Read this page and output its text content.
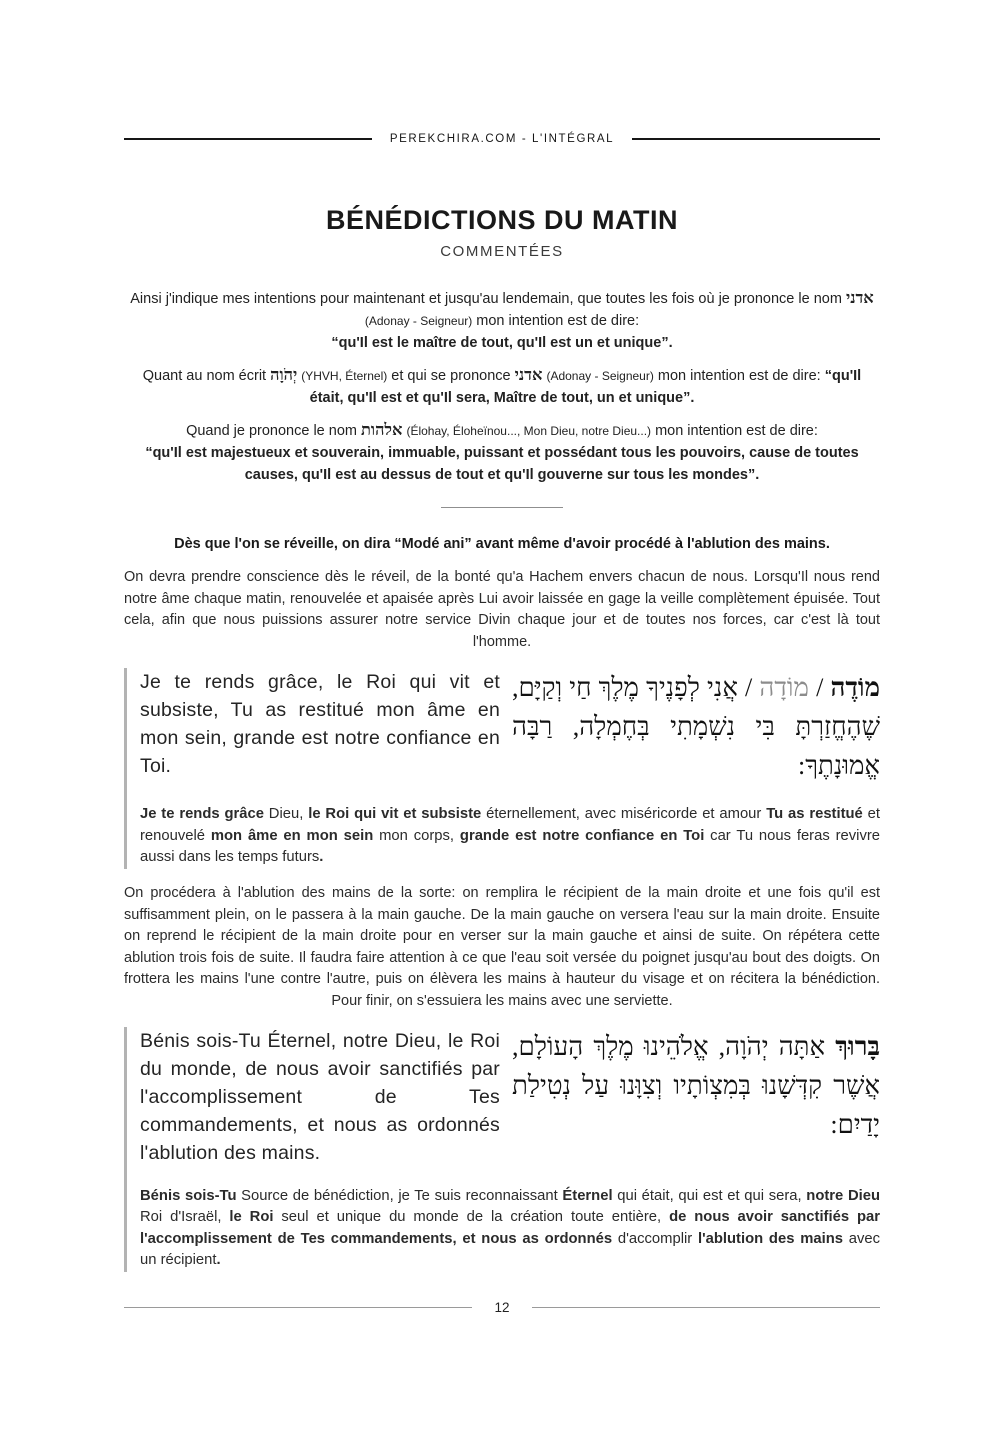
PEREKCHIRA.COM - L'INTÉGRAL
BÉNÉDICTIONS DU MATIN
COMMENTÉES

Ainsi j'indique mes intentions pour maintenant et jusqu'au lendemain, que toutes les fois où je prononce le nom אדני (Adonay - Seigneur) mon intention est de dire:
“qu'Il est le maître de tout, qu'Il est un et unique”.

Quant au nom écrit יְהֹוָה (YHVH, Éternel) et qui se prononce אדני (Adonay - Seigneur) mon intention est de dire: “qu'Il était, qu'Il est et qu'Il sera, Maître de tout, un et unique”.

Quand je prononce le nom אלהות (Élohay, Éloheïnou..., Mon Dieu, notre Dieu...) mon intention est de dire:
“qu'Il est majestueux et souverain, immuable, puissant et possédant tous les pouvoirs, cause de toutes causes, qu'Il est au dessus de tout et qu'Il gouverne sur tous les mondes”.

Dès que l'on se réveille, on dira “Modé ani” avant même d'avoir procédé à l'ablution des mains.

On devra prendre conscience dès le réveil, de la bonté qu'a Hachem envers chacun de nous. Lorsqu'Il nous rend notre âme chaque matin, renouvelée et apaisée après Lui avoir laissée en gage la veille complètement épuisée. Tout cela, afin que nous puissions assurer notre service Divin chaque jour et de toutes nos forces, car c'est là tout l'homme.

Je te rends grâce, le Roi qui vit et subsiste, Tu as restitué mon âme en mon sein, grande est notre confiance en Toi.
מוֹדֶה / מוֹדָה / אֲנִי לְפָנֶיךָ מֶלֶךְ חַי וְקַיָּם, שֶׁהֶחֱזַרְתָּ בִּי נִשְׁמָתִי בְּחֶמְלָה, רַבָּה אֱמוּנָתֶךָ:

Je te rends grâce Dieu, le Roi qui vit et subsiste éternellement, avec miséricorde et amour Tu as restitué et renouvelé mon âme en mon sein mon corps, grande est notre confiance en Toi car Tu nous feras revivre aussi dans les temps futurs.

On procédera à l'ablution des mains de la sorte: on remplira le récipient de la main droite et une fois qu'il est suffisamment plein, on le passera à la main gauche. De la main gauche on versera l'eau sur la main droite. Ensuite on reprend le récipient de la main droite pour en verser sur la main gauche et ainsi de suite. On répétera cette ablution trois fois de suite. Il faudra faire attention à ce que l'eau soit versée du poignet jusqu'au bout des doigts. On frottera les mains l'une contre l'autre, puis on élèvera les mains à hauteur du visage et on récitera la bénédiction. Pour finir, on s'essuiera les mains avec une serviette.

Bénis sois-Tu Éternel, notre Dieu, le Roi du monde, de nous avoir sanctifiés par l'accomplissement de Tes commandements, et nous as ordonnés l'ablution des mains.
בָּרוּךְ אַתָּה יְהֹוָה, אֱלֹהֵינוּ מֶלֶךְ הָעוֹלָם, אֲשֶׁר קִדְּשָׁנוּ בְּמִצְוֹתָיו וְצִוָּנוּ עַל נְטִילַת יָדַיִם:

Bénis sois-Tu Source de bénédiction, je Te suis reconnaissant Éternel qui était, qui est et qui sera, notre Dieu Roi d'Israël, le Roi seul et unique du monde de la création toute entière, de nous avoir sanctifiés par l'accomplissement de Tes commandements, et nous as ordonnés d'accomplir l'ablution des mains avec un récipient.

12
